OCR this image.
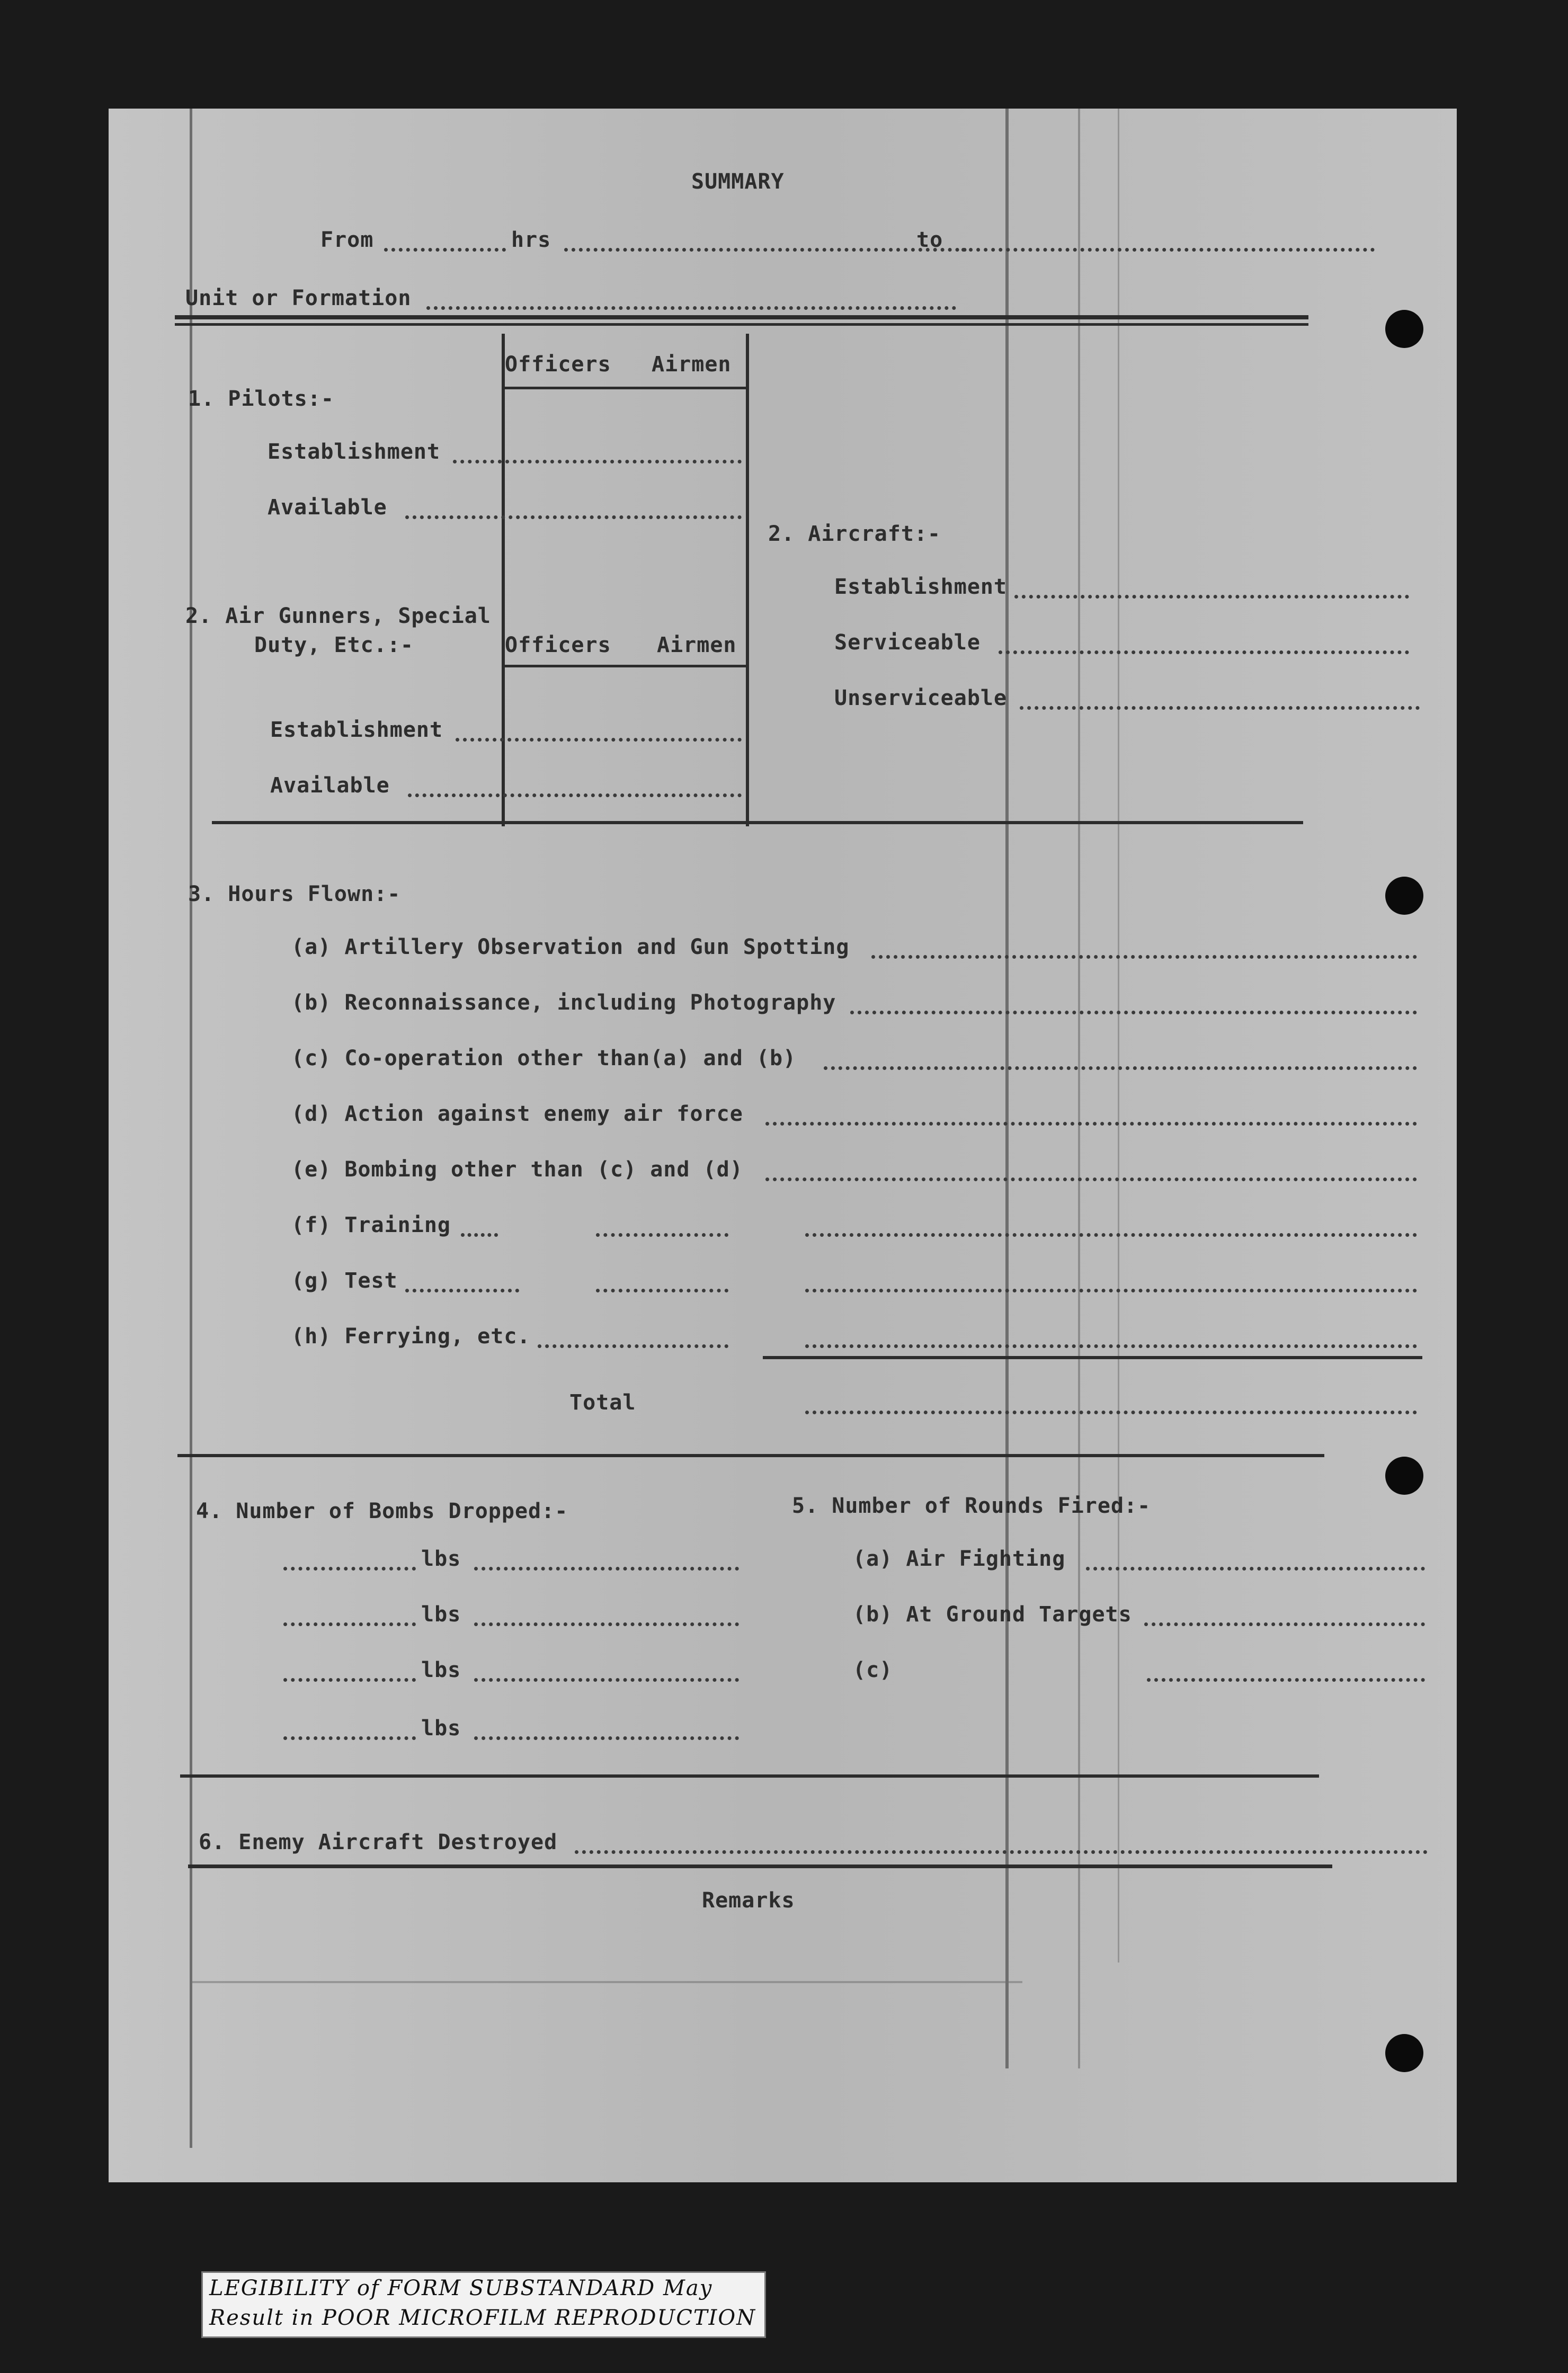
SUMMARY
From	hrs	to
Unit or Formation
Officers Airmen
1. Pilots:-
Establishment
Available
2. Air Gunners, Special
Duty, Etc.:-	Officers Airmen
Establishment
Available
2. Aircraft:-
Establishment
Serviceable
Unserviceable
3. Hours Flown:-
(a) Artillery Observation and Gun Spotting
(b) Reconnaissance, including Photography
(c) Co-operation other than(a) and (b)
(d) Action against enemy air force
(e) Bombing other than (c) and (d)
(f) Training
(g) Test
(h) Ferrying, etc.
Total
4. Number of Bombs Dropped:-
lbs
lbs
lbs
lbs
5. Number of Rounds Fired:-
(a) Air Fighting
(b) At Ground Targets
(c)
6. Enemy Aircraft Destroyed
Remarks
LEGIBILITY of FORM SUBSTANDARD May
Result in POOR MICROFILM REPRODUCTION
